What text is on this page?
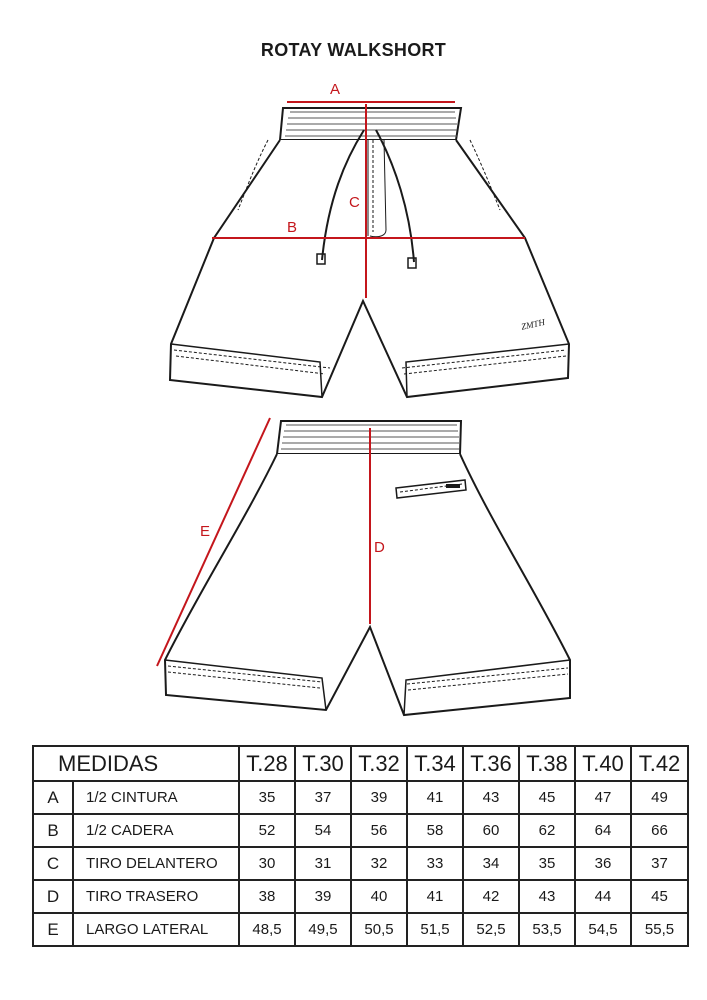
ROTAY WALKSHORT
ZMTH
A
B
C
E
D
MEDIDAS		T.28	T.30	T.32	T.34	T.36	T.38	T.40	T.42
A	1/2 CINTURA	35	37	39	41	43	45	47	49
B	1/2 CADERA	52	54	56	58	60	62	64	66
C	TIRO DELANTERO	30	31	32	33	34	35	36	37
D	TIRO TRASERO	38	39	40	41	42	43	44	45
E	LARGO LATERAL	48,5	49,5	50,5	51,5	52,5	53,5	54,5	55,5
